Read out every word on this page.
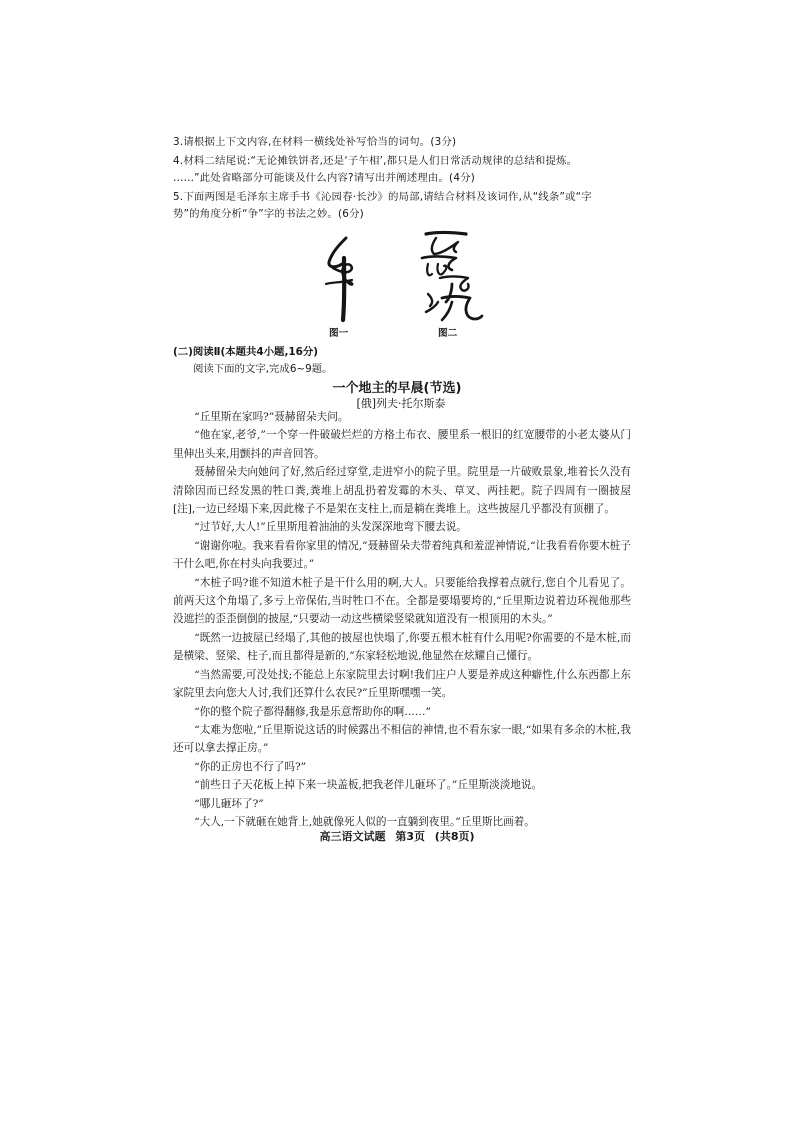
3.请根据上下文内容,在材料一横线处补写恰当的词句。(3分)
4.材料二结尾说:“无论摊铁饼者,还是‘子午相’,都只是人们日常活动规律的总结和提炼。
……”此处省略部分可能谈及什么内容?请写出并阐述理由。(4分)
5.下面两图是毛泽东主席手书《沁园春·长沙》的局部,请结合材料及该词作,从“线条”或“字
势”的角度分析“争”字的书法之妙。(6分)
图一	图二
(二)阅读Ⅱ(本题共4小题,16分)
阅读下面的文字,完成6~9题。
一个地主的早晨(节选)
[俄]列夫·托尔斯泰

“丘里斯在家吗?”聂赫留朵夫问。

“他在家,老爷,”一个穿一件破破烂烂的方格土布衣、腰里系一根旧的红宽腰带的小老太婆从门里伸出头来,用颤抖的声音回答。

聂赫留朵夫向她问了好,然后经过穿堂,走进窄小的院子里。院里是一片破败景象,堆着长久没有清除因而已经发黑的牲口粪,粪堆上胡乱扔着发霉的木头、草叉、两挂耙。院子四周有一圈披屋[注],一边已经塌下来,因此椽子不是架在支柱上,而是耥在粪堆上。这些披屋几乎都没有顶棚了。

“过节好,大人!”丘里斯甩着油油的头发深深地弯下腰去说。

“谢谢你啦。我来看看你家里的情况,”聂赫留朵夫带着纯真和羞涩神情说,“让我看看你要木桩子干什么吧,你在村头向我要过。”

“木桩子吗?谁不知道木桩子是干什么用的啊,大人。只要能给我撑着点就行,您自个儿看见了。前两天这个角塌了,多亏上帝保佑,当时牲口不在。全都是要塌要垮的,”丘里斯边说着边环视他那些没遮拦的歪歪倒倒的披屋,“只要动一动这些横梁竖梁就知道没有一根顶用的木头。”

“既然一边披屋已经塌了,其他的披屋也快塌了,你要五根木桩有什么用呢?你需要的不是木桩,而是横梁、竖梁、柱子,而且都得是新的,”东家轻松地说,他显然在炫耀自己懂行。

“当然需要,可没处找;不能总上东家院里去讨啊!我们庄户人要是养成这种癖性,什么东西都上东家院里去向您大人讨,我们还算什么农民?”丘里斯嘿嘿一笑。

“你的整个院子都得翻修,我是乐意帮助你的啊……”

“太难为您啦,”丘里斯说这话的时候露出不相信的神情,也不看东家一眼,“如果有多余的木桩,我还可以拿去撑正房。”

“你的正房也不行了吗?”

“前些日子天花板上掉下来一块盖板,把我老伴儿砸坏了。”丘里斯淡淡地说。

“哪儿砸坏了?”

“大人,一下就砸在她背上,她就像死人似的一直躺到夜里。”丘里斯比画着。

高三语文试题 第3页 (共8页)
